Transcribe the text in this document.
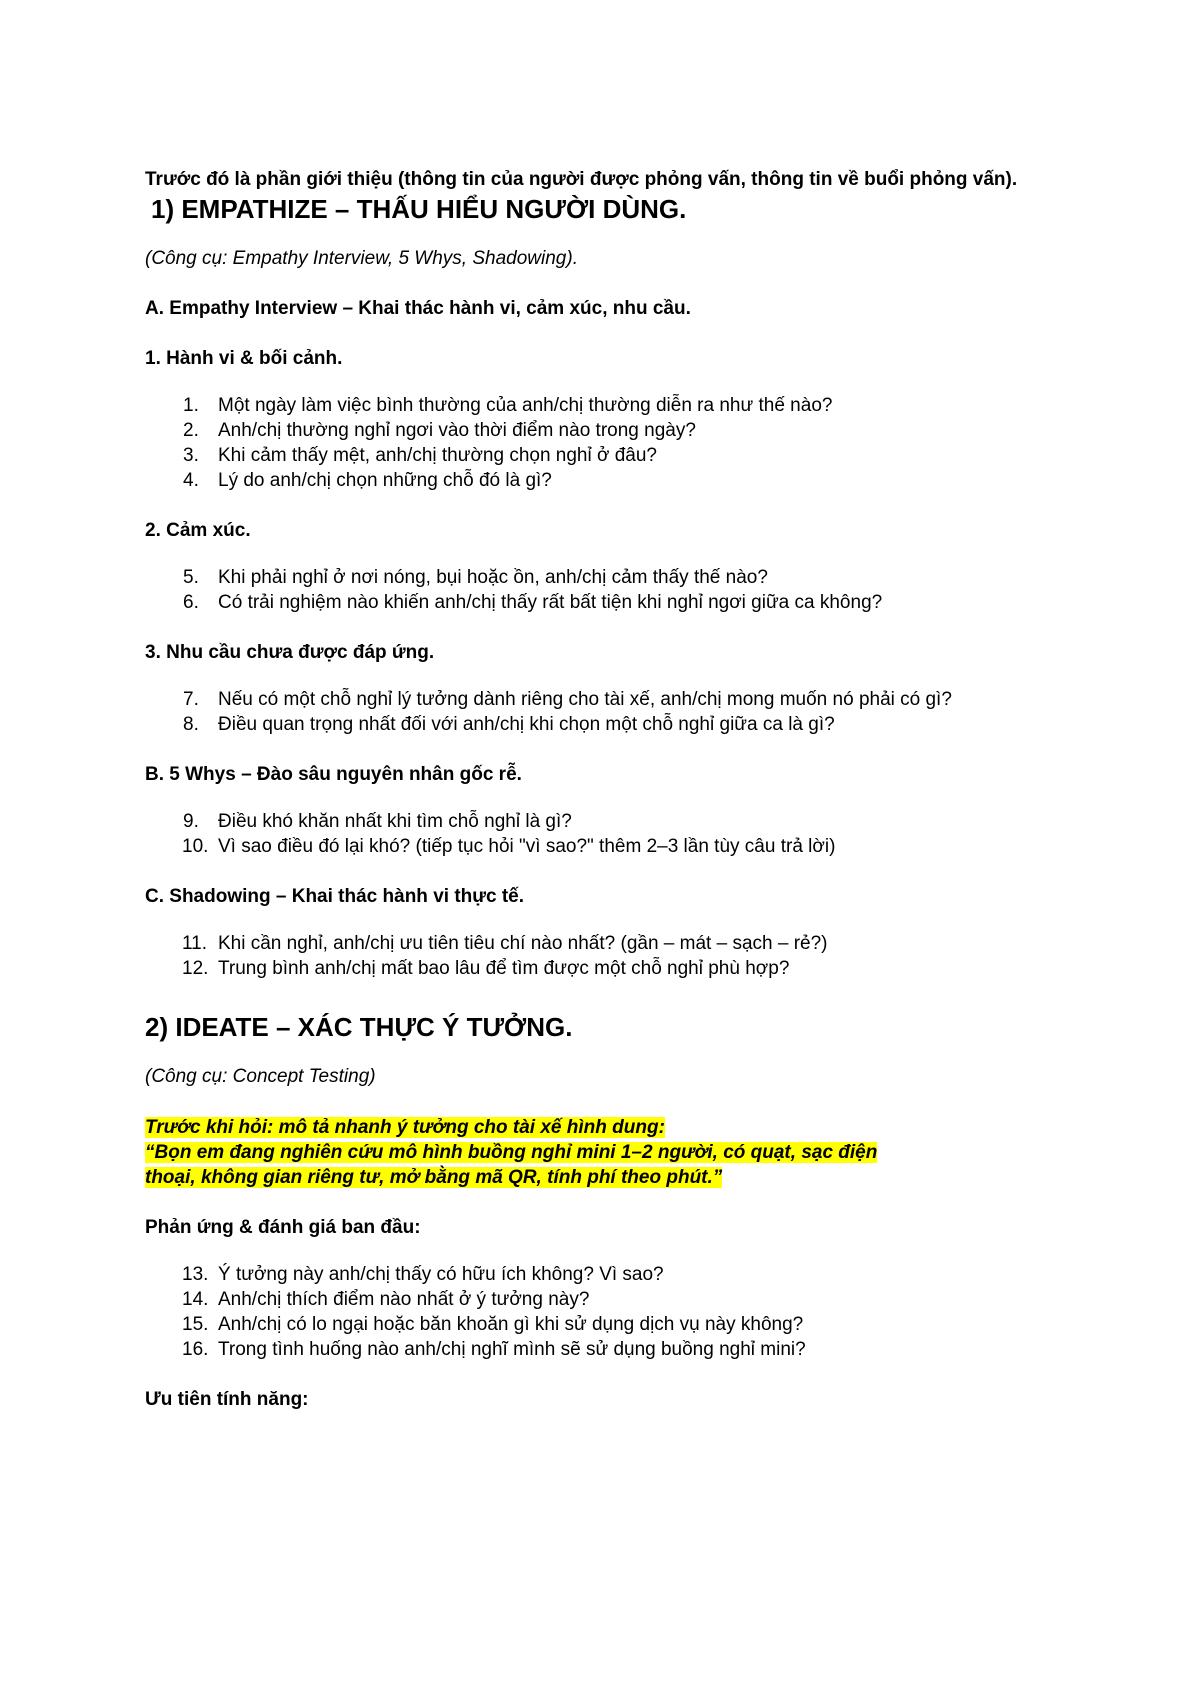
Trước đó là phần giới thiệu (thông tin của người được phỏng vấn, thông tin về buổi phỏng vấn).

1) EMPATHIZE – THẤU HIỂU NGƯỜI DÙNG.

(Công cụ: Empathy Interview, 5 Whys, Shadowing).

A. Empathy Interview – Khai thác hành vi, cảm xúc, nhu cầu.

1. Hành vi & bối cảnh.

1.	Một ngày làm việc bình thường của anh/chị thường diễn ra như thế nào?
2.	Anh/chị thường nghỉ ngơi vào thời điểm nào trong ngày?
3.	Khi cảm thấy mệt, anh/chị thường chọn nghỉ ở đâu?
4.	Lý do anh/chị chọn những chỗ đó là gì?

2. Cảm xúc.

5.	Khi phải nghỉ ở nơi nóng, bụi hoặc ồn, anh/chị cảm thấy thế nào?
6.	Có trải nghiệm nào khiến anh/chị thấy rất bất tiện khi nghỉ ngơi giữa ca không?

3. Nhu cầu chưa được đáp ứng.

7.	Nếu có một chỗ nghỉ lý tưởng dành riêng cho tài xế, anh/chị mong muốn nó phải có gì?
8.	Điều quan trọng nhất đối với anh/chị khi chọn một chỗ nghỉ giữa ca là gì?

B. 5 Whys – Đào sâu nguyên nhân gốc rễ.

9.	Điều khó khăn nhất khi tìm chỗ nghỉ là gì?
10. Vì sao điều đó lại khó? (tiếp tục hỏi "vì sao?" thêm 2–3 lần tùy câu trả lời)

C. Shadowing – Khai thác hành vi thực tế.

11. Khi cần nghỉ, anh/chị ưu tiên tiêu chí nào nhất? (gần – mát – sạch – rẻ?)
12. Trung bình anh/chị mất bao lâu để tìm được một chỗ nghỉ phù hợp?
2) IDEATE – XÁC THỰC Ý TƯỞNG.

(Công cụ: Concept Testing)

Trước khi hỏi: mô tả nhanh ý tưởng cho tài xế hình dung:

“Bọn em đang nghiên cứu mô hình buồng nghỉ mini 1–2 người, có quạt, sạc điện

thoại, không gian riêng tư, mở bằng mã QR, tính phí theo phút.”

Phản ứng & đánh giá ban đầu:

13. Ý tưởng này anh/chị thấy có hữu ích không? Vì sao?
14. Anh/chị thích điểm nào nhất ở ý tưởng này?
15. Anh/chị có lo ngại hoặc băn khoăn gì khi sử dụng dịch vụ này không?
16. Trong tình huống nào anh/chị nghĩ mình sẽ sử dụng buồng nghỉ mini?

Ưu tiên tính năng:
